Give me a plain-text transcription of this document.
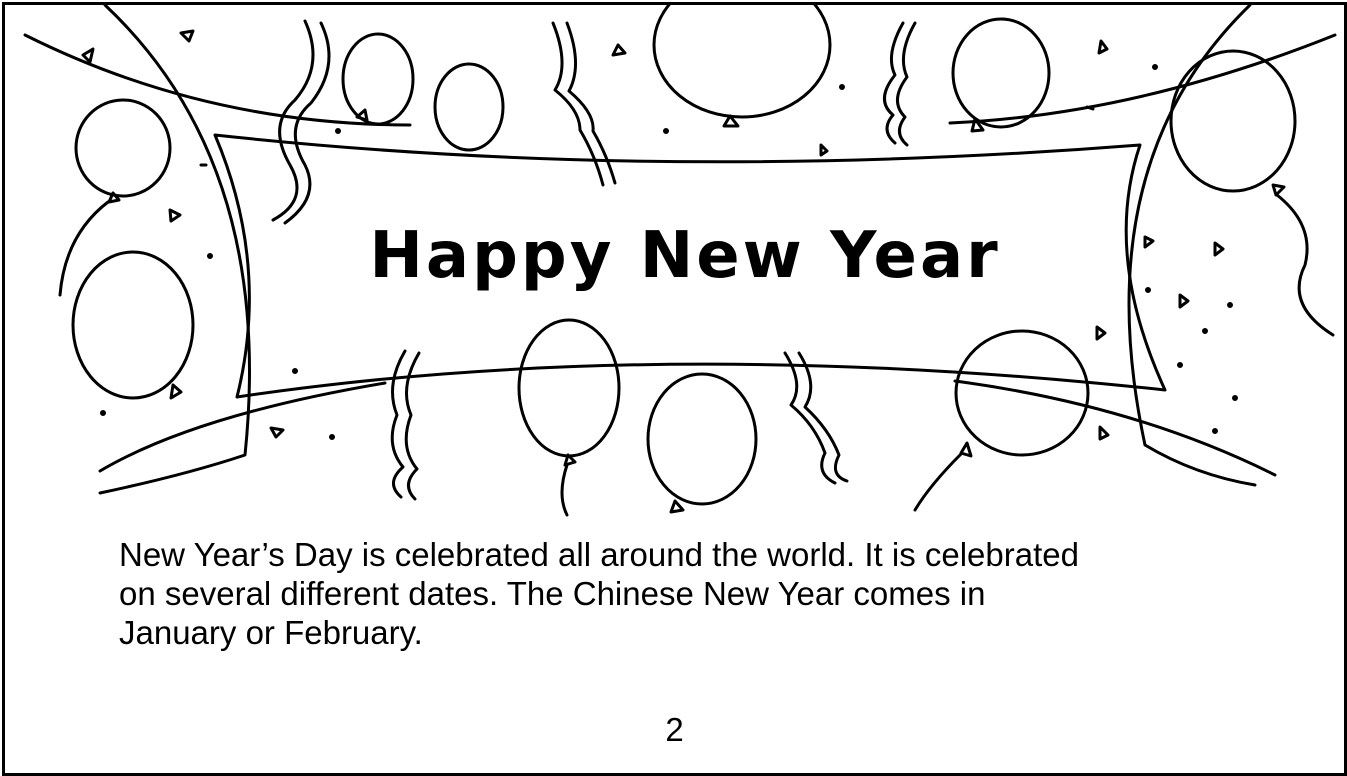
Happy New Year
New Year’s Day is celebrated all around the world. It is celebrated
on several different dates. The Chinese New Year comes in
January or February.
2
